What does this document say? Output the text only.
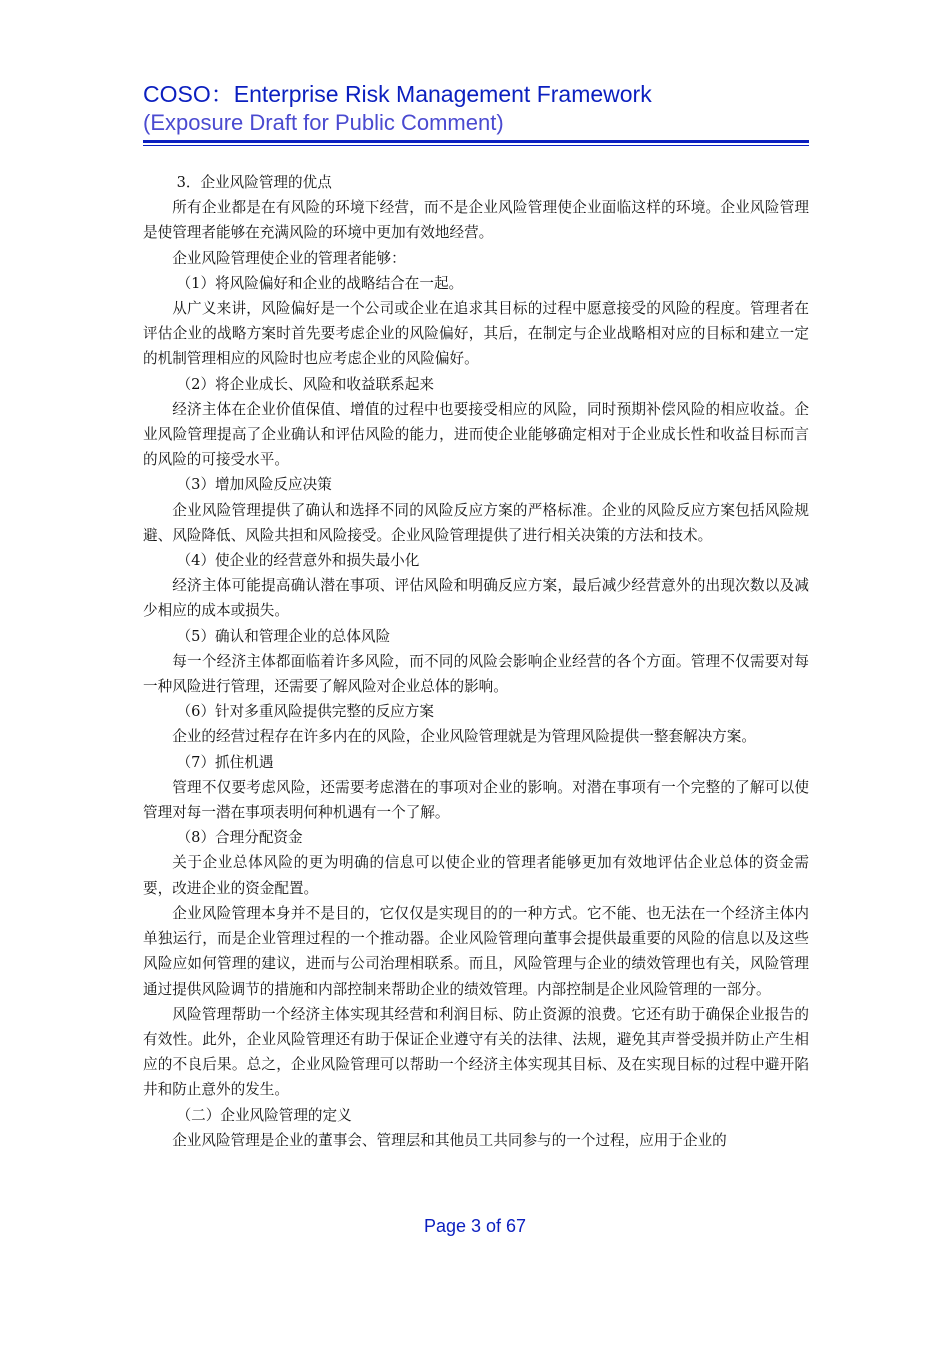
COSO：Enterprise Risk Management Framework
(Exposure Draft for Public Comment)

3．企业风险管理的优点

所有企业都是在有风险的环境下经营，而不是企业风险管理使企业面临这样的环境。企业风险管理是使管理者能够在充满风险的环境中更加有效地经营。

企业风险管理使企业的管理者能够：

（1）将风险偏好和企业的战略结合在一起。

从广义来讲，风险偏好是一个公司或企业在追求其目标的过程中愿意接受的风险的程度。管理者在评估企业的战略方案时首先要考虑企业的风险偏好，其后，在制定与企业战略相对应的目标和建立一定的机制管理相应的风险时也应考虑企业的风险偏好。

（2）将企业成长、风险和收益联系起来

经济主体在企业价值保值、增值的过程中也要接受相应的风险，同时预期补偿风险的相应收益。企业风险管理提高了企业确认和评估风险的能力，进而使企业能够确定相对于企业成长性和收益目标而言的风险的可接受水平。

（3）增加风险反应决策

企业风险管理提供了确认和选择不同的风险反应方案的严格标准。企业的风险反应方案包括风险规避、风险降低、风险共担和风险接受。企业风险管理提供了进行相关决策的方法和技术。

（4）使企业的经营意外和损失最小化

经济主体可能提高确认潜在事项、评估风险和明确反应方案，最后减少经营意外的出现次数以及减少相应的成本或损失。

（5）确认和管理企业的总体风险

每一个经济主体都面临着许多风险，而不同的风险会影响企业经营的各个方面。管理不仅需要对每一种风险进行管理，还需要了解风险对企业总体的影响。

（6）针对多重风险提供完整的反应方案

企业的经营过程存在许多内在的风险，企业风险管理就是为管理风险提供一整套解决方案。

（7）抓住机遇

管理不仅要考虑风险，还需要考虑潜在的事项对企业的影响。对潜在事项有一个完整的了解可以使管理对每一潜在事项表明何种机遇有一个了解。

（8）合理分配资金

关于企业总体风险的更为明确的信息可以使企业的管理者能够更加有效地评估企业总体的资金需要，改进企业的资金配置。

企业风险管理本身并不是目的，它仅仅是实现目的的一种方式。它不能、也无法在一个经济主体内单独运行，而是企业管理过程的一个推动器。企业风险管理向董事会提供最重要的风险的信息以及这些风险应如何管理的建议，进而与公司治理相联系。而且，风险管理与企业的绩效管理也有关，风险管理通过提供风险调节的措施和内部控制来帮助企业的绩效管理。内部控制是企业风险管理的一部分。

风险管理帮助一个经济主体实现其经营和利润目标、防止资源的浪费。它还有助于确保企业报告的有效性。此外，企业风险管理还有助于保证企业遵守有关的法律、法规，避免其声誉受损并防止产生相应的不良后果。总之，企业风险管理可以帮助一个经济主体实现其目标、及在实现目标的过程中避开陷井和防止意外的发生。

（二）企业风险管理的定义

企业风险管理是企业的董事会、管理层和其他员工共同参与的一个过程，应用于企业的

Page 3 of 67
